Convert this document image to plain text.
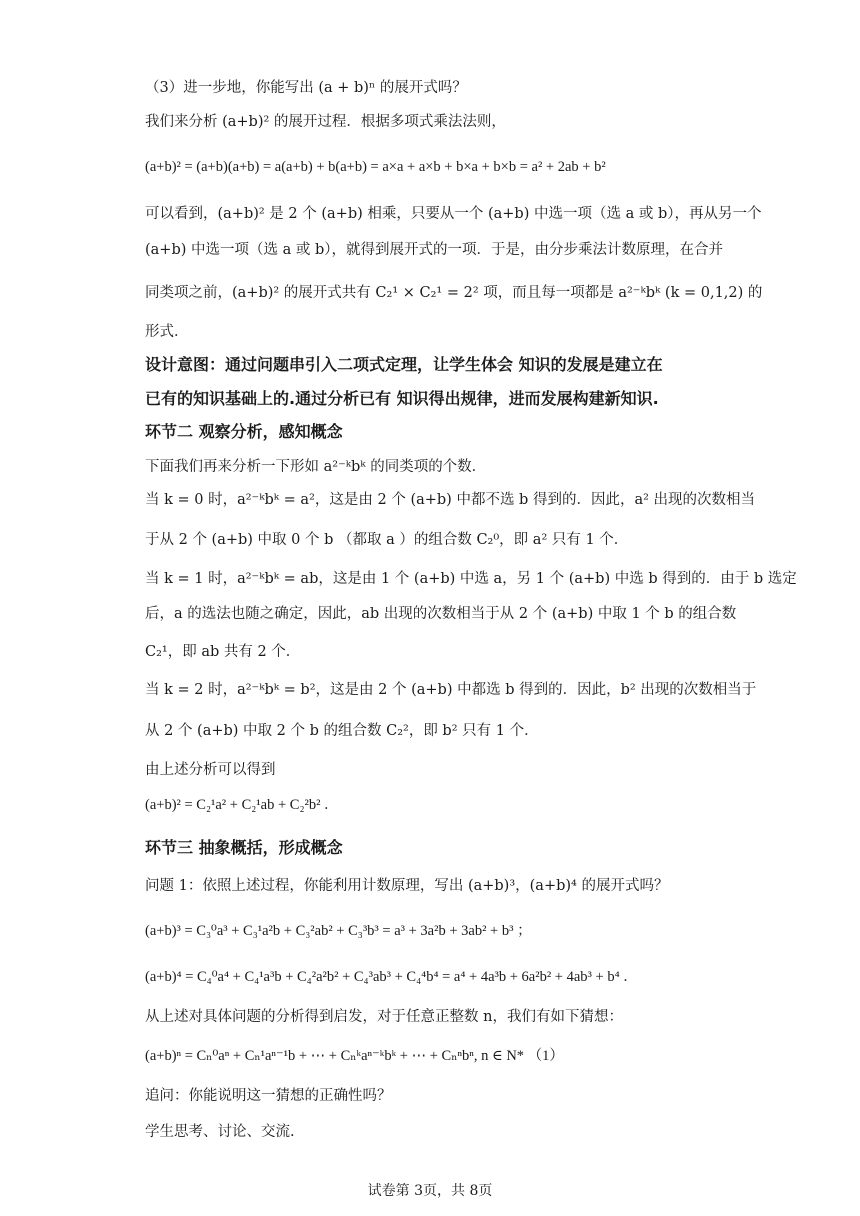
（3）进一步地，你能写出 (a + b)ⁿ 的展开式吗？
我们来分析 (a+b)² 的展开过程．根据多项式乘法法则，
(a+b)² = (a+b)(a+b) = a(a+b) + b(a+b) = a×a + a×b + b×a + b×b = a² + 2ab + b²
可以看到，(a+b)² 是 2 个 (a+b) 相乘，只要从一个 (a+b) 中选一项（选 a 或 b），再从另一个
(a+b) 中选一项（选 a 或 b），就得到展开式的一项．于是，由分步乘法计数原理，在合并
同类项之前，(a+b)² 的展开式共有 C₂¹ × C₂¹ = 2² 项，而且每一项都是 a²⁻ᵏbᵏ (k = 0,1,2) 的
形式．
设计意图：通过问题串引入二项式定理，让学生体会 知识的发展是建立在
已有的知识基础上的.通过分析已有 知识得出规律，进而发展构建新知识.
环节二 观察分析，感知概念
下面我们再来分析一下形如 a²⁻ᵏbᵏ 的同类项的个数．
当 k = 0 时，a²⁻ᵏbᵏ = a²，这是由 2 个 (a+b) 中都不选 b 得到的．因此，a² 出现的次数相当
于从 2 个 (a+b) 中取 0 个 b （都取 a ）的组合数 C₂⁰，即 a² 只有 1 个．
当 k = 1 时，a²⁻ᵏbᵏ = ab，这是由 1 个 (a+b) 中选 a，另 1 个 (a+b) 中选 b 得到的．由于 b 选定
后，a 的选法也随之确定，因此，ab 出现的次数相当于从 2 个 (a+b) 中取 1 个 b 的组合数
C₂¹，即 ab 共有 2 个．
当 k = 2 时，a²⁻ᵏbᵏ = b²，这是由 2 个 (a+b) 中都选 b 得到的．因此，b² 出现的次数相当于
从 2 个 (a+b) 中取 2 个 b 的组合数 C₂²，即 b² 只有 1 个．
由上述分析可以得到
(a+b)² = C₂¹a² + C₂¹ab + C₂²b² ．
环节三 抽象概括，形成概念
问题 1：依照上述过程，你能利用计数原理，写出 (a+b)³，(a+b)⁴ 的展开式吗？
(a+b)³ = C₃⁰a³ + C₃¹a²b + C₃²ab² + C₃³b³ = a³ + 3a²b + 3ab² + b³ ；
(a+b)⁴ = C₄⁰a⁴ + C₄¹a³b + C₄²a²b² + C₄³ab³ + C₄⁴b⁴ = a⁴ + 4a³b + 6a²b² + 4ab³ + b⁴ ．
从上述对具体问题的分析得到启发，对于任意正整数 n，我们有如下猜想：
(a+b)ⁿ = Cₙ⁰aⁿ + Cₙ¹aⁿ⁻¹b + ⋯ + Cₙᵏaⁿ⁻ᵏbᵏ + ⋯ + Cₙⁿbⁿ, n ∈ N* （1）
追问：你能说明这一猜想的正确性吗？
学生思考、讨论、交流.
试卷第 3页，共 8页
